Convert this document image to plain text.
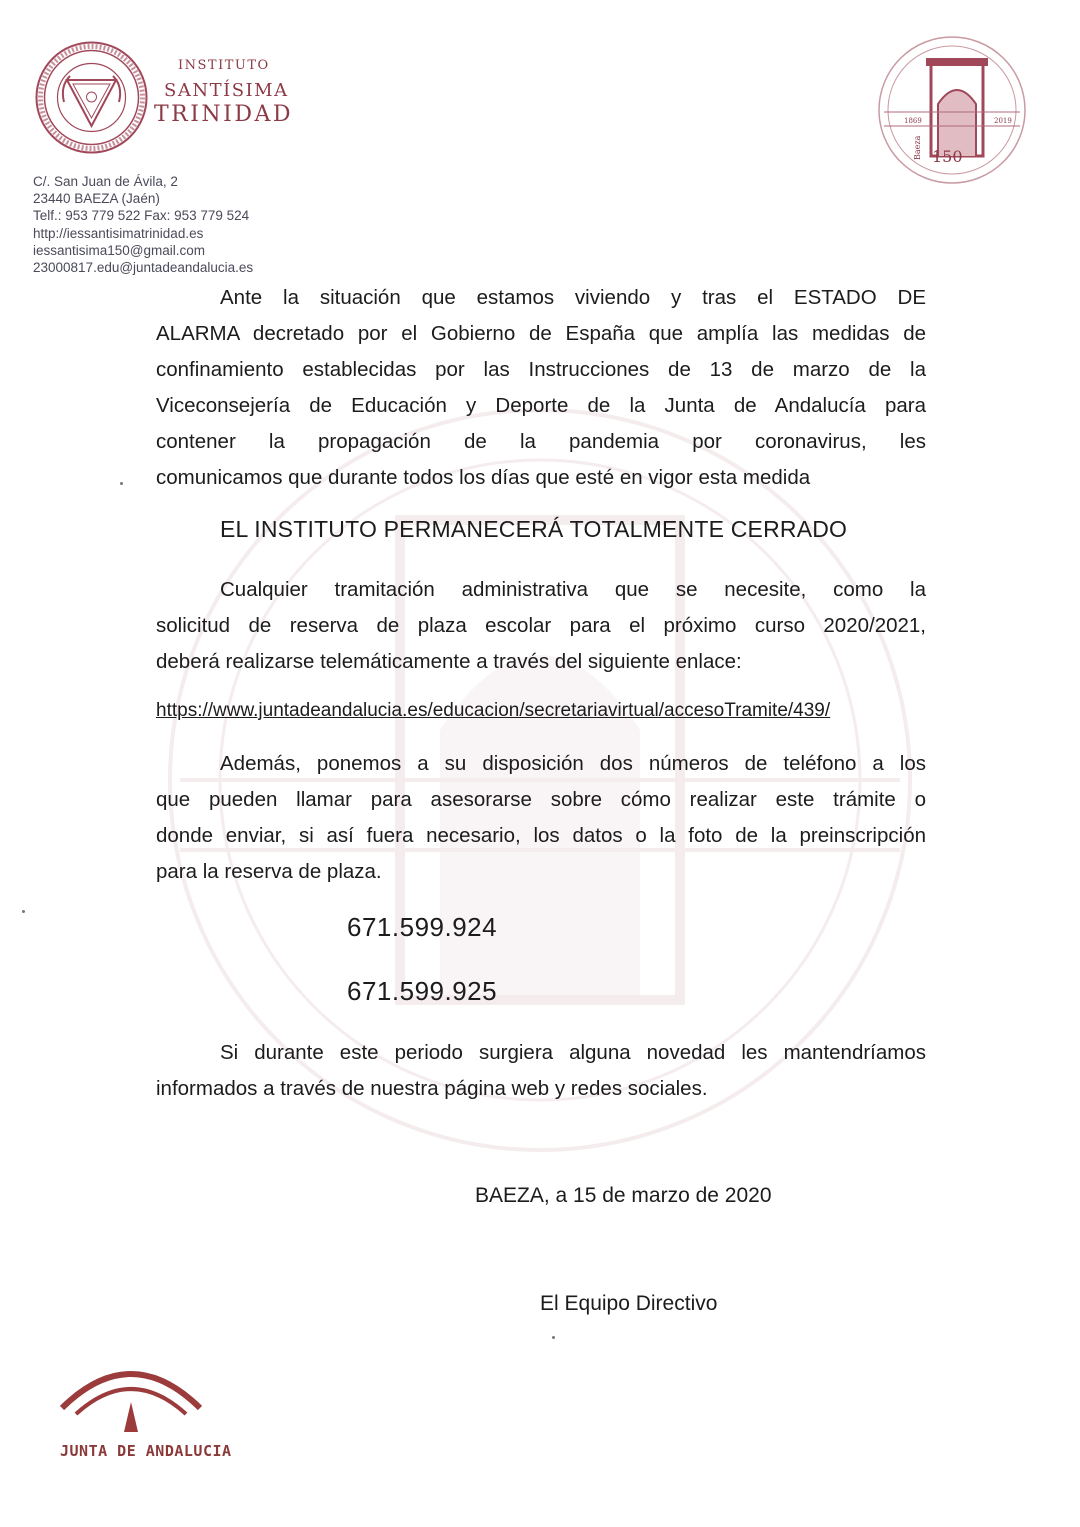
INSTITUTO
SANTÍSIMA
TRINIDAD	1869	2019
150
Baeza
C/. San Juan de Ávila, 2
23440 BAEZA (Jaén)
Telf.: 953 779 522 Fax: 953 779 524
http://iessantisimatrinidad.es
iessantisima150@gmail.com
23000817.edu@juntadeandalucia.es
Ante la situación que estamos viviendo y tras el ESTADO DE
ALARMA decretado por el Gobierno de España que amplía las medidas de
confinamiento establecidas por las Instrucciones de 13 de marzo de la
Viceconsejería de Educación y Deporte de la Junta de Andalucía para
contener la propagación de la pandemia por coronavirus, les
comunicamos que durante todos los días que esté en vigor esta medida
EL INSTITUTO PERMANECERÁ TOTALMENTE CERRADO
Cualquier tramitación administrativa que se necesite, como la
solicitud de reserva de plaza escolar para el próximo curso 2020/2021,
deberá realizarse telemáticamente a través del siguiente enlace:
https://www.juntadeandalucia.es/educacion/secretariavirtual/accesoTramite/439/
Además, ponemos a su disposición dos números de teléfono a los
que pueden llamar para asesorarse sobre cómo realizar este trámite o
donde enviar, si así fuera necesario, los datos o la foto de la preinscripción
para la reserva de plaza.
671.599.924
671.599.925
Si durante este periodo surgiera alguna novedad les mantendríamos
informados a través de nuestra página web y redes sociales.
BAEZA, a 15 de marzo de 2020
El Equipo Directivo
JUNTA DE ANDALUCIA
